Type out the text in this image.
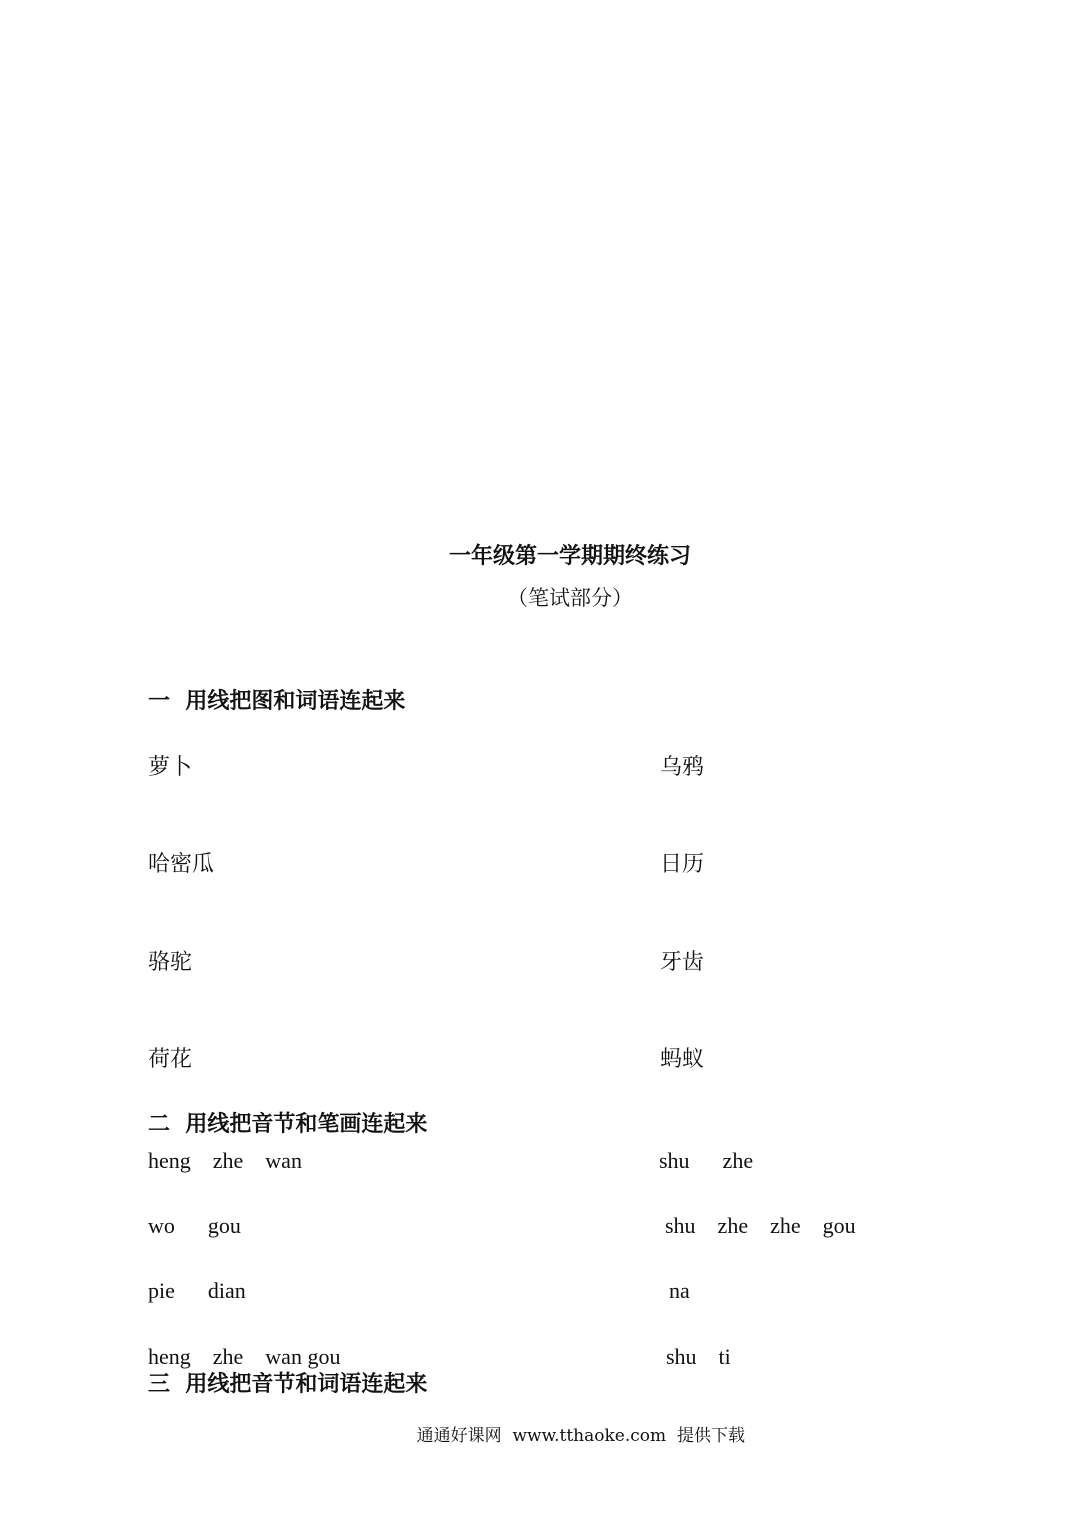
一年级第一学期期终练习
（笔试部分）
一  用线把图和词语连起来
萝卜
哈密瓜
骆驼
荷花
乌鸦
日历
牙齿
蚂蚁
二  用线把音节和笔画连起来
heng    zhe    wan
wo      gou
pie      dian
heng    zhe    wan gou
shu      zhe
shu    zhe    zhe    gou
na
shu    ti
三  用线把音节和词语连起来

通通好课网 www.tthaoke.com 提供下载
